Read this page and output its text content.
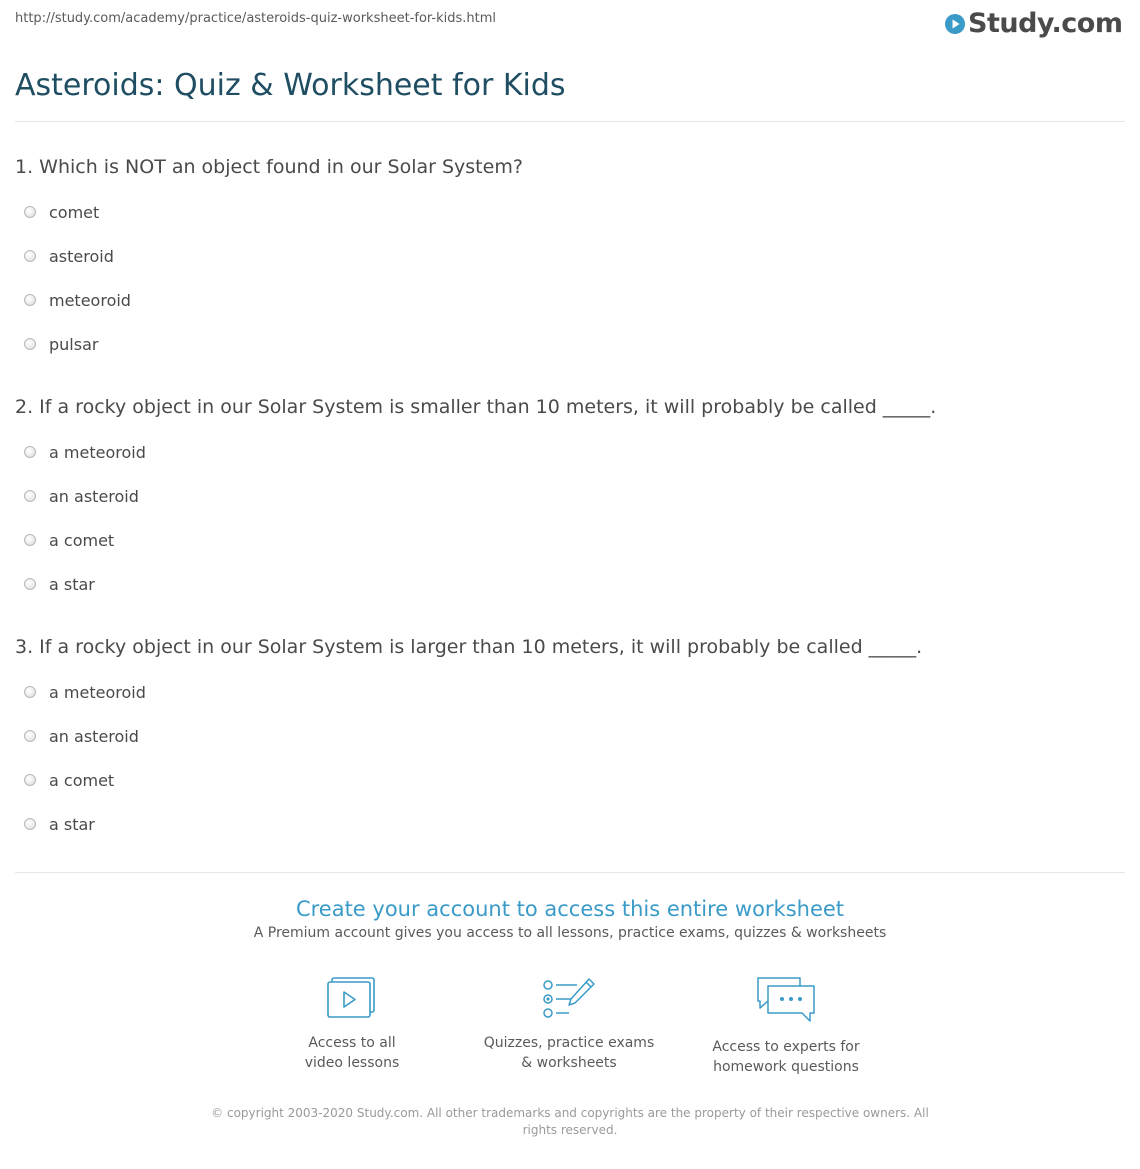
http://study.com/academy/practice/asteroids-quiz-worksheet-for-kids.html	Study.com
Asteroids: Quiz & Worksheet for Kids
1. Which is NOT an object found in our Solar System?
comet
asteroid
meteoroid
pulsar
2. If a rocky object in our Solar System is smaller than 10 meters, it will probably be called _____.
a meteoroid
an asteroid
a comet
a star
3. If a rocky object in our Solar System is larger than 10 meters, it will probably be called _____.
a meteoroid
an asteroid
a comet
a star
Create your account to access this entire worksheet

A Premium account gives you access to all lessons, practice exams, quizzes & worksheets

Access to all
video lessons
Quizzes, practice exams
& worksheets
Access to experts for
homework questions
© copyright 2003-2020 Study.com. All other trademarks and copyrights are the property of their respective owners. All rights reserved.
